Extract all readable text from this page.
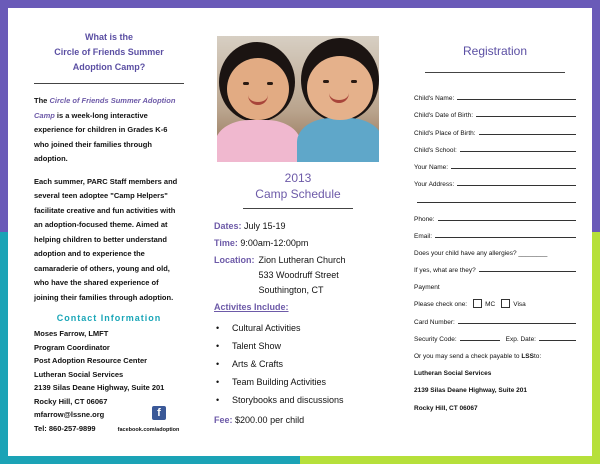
What is the
Circle of Friends Summer
Adoption Camp?

The Circle of Friends Summer Adoption Camp is a week-long interactive experience for children in Grades K-6 who joined their families through adoption.

Each summer, PARC Staff members and several teen adoptee "Camp Helpers" facilitate creative and fun activities with an adoption-focused theme. Aimed at helping children to better understand adoption and to experience the camaraderie of others, young and old, who have the shared experience of joining their families through adoption.

Contact Information
Moses Farrow, LMFT
Program Coordinator
Post Adoption Resource Center
Lutheran Social Services
2139 Silas Deane Highway, Suite 201
Rocky Hill, CT 06067
mfarrow@lssne.org	f
Tel: 860-257-9899	facebook.com/adoption
2013
Camp Schedule
Dates: July 15-19
Time: 9:00am-12:00pm
Location: Zion Lutheran Church
533 Woodruff Street
Southington, CT
Activites Include:
• Cultural Activities
• Talent Show
• Arts & Crafts
• Team Building Activities
• Storybooks and discussions
Fee: $200.00 per child
Registration
Child's Name:
Child's Date of Birth:
Child's Place of Birth:
Child's School:
Your Name:
Your Address:
Phone:
Email:
Does your child have any allergies? ________
If yes, what are they?
Payment
Please check one:	MC	Visa
Card Number:
Security Code:	Exp. Date:
Or you may send a check payable to
LSS to:
Lutheran Social Services
2139 Silas Deane Highway, Suite 201
Rocky Hill, CT 06067
